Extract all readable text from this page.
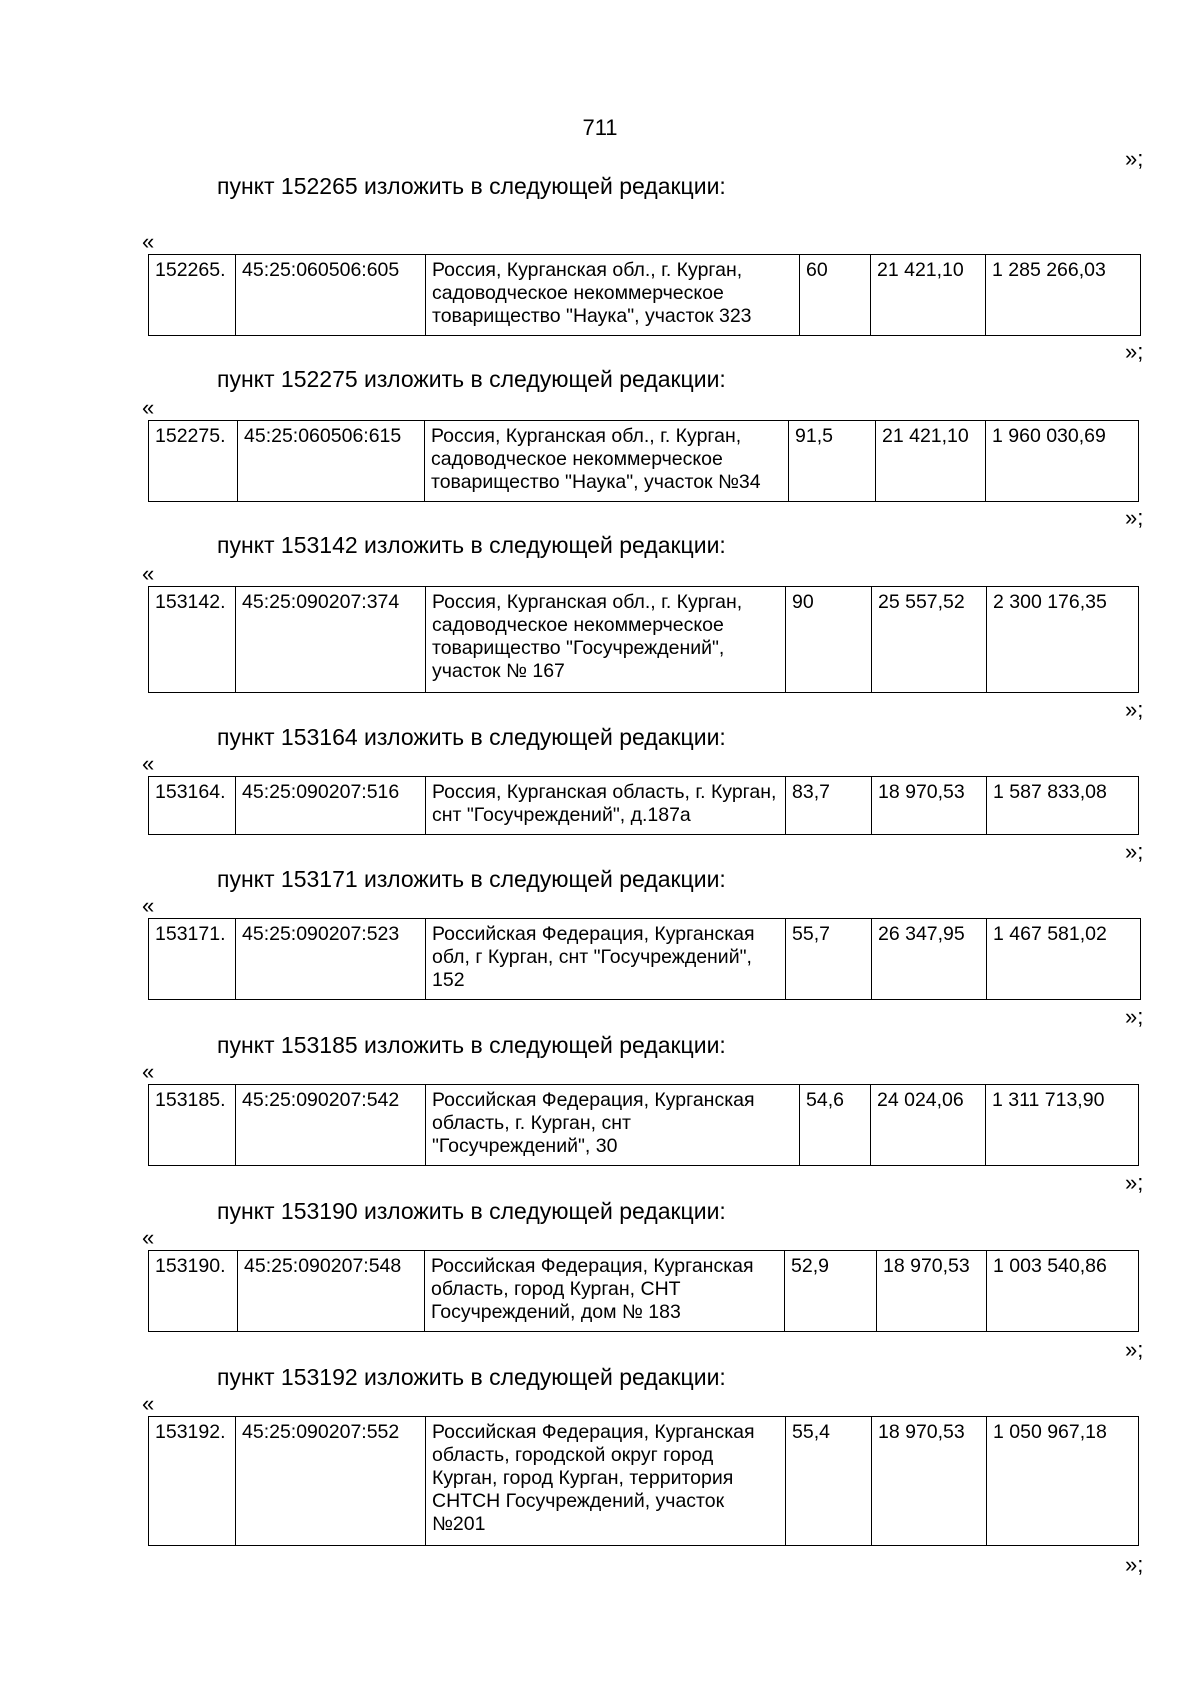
711
»;
»;
»;
»;
»;
»;
»;
»;
»;
пункт 152265 изложить в следующей редакции:
«
152265.	45:25:060506:605	Россия, Курганская обл., г. Курган, садоводческое некоммерческое товарищество "Наука", участок 323	60	21 421,10	1 285 266,03
пункт 152275 изложить в следующей редакции:
«
152275.	45:25:060506:615	Россия, Курганская обл., г. Курган, садоводческое некоммерческое товарищество "Наука", участок №34	91,5	21 421,10	1 960 030,69
пункт 153142 изложить в следующей редакции:
«
153142.	45:25:090207:374	Россия, Курганская обл., г. Курган, садоводческое некоммерческое товарищество "Госучреждений", участок № 167	90	25 557,52	2 300 176,35
пункт 153164 изложить в следующей редакции:
«
153164.	45:25:090207:516	Россия, Курганская область, г. Курган, снт "Госучреждений", д.187а	83,7	18 970,53	1 587 833,08
пункт 153171 изложить в следующей редакции:
«
153171.	45:25:090207:523	Российская Федерация, Курганская обл, г Курган, снт "Госучреждений", 152	55,7	26 347,95	1 467 581,02
пункт 153185 изложить в следующей редакции:
«
153185.	45:25:090207:542	Российская Федерация, Курганская область, г. Курган, снт "Госучреждений", 30	54,6	24 024,06	1 311 713,90
пункт 153190 изложить в следующей редакции:
«
153190.	45:25:090207:548	Российская Федерация, Курганская область, город Курган, СНТ Госучреждений, дом № 183	52,9	18 970,53	1 003 540,86
пункт 153192 изложить в следующей редакции:
«
153192.	45:25:090207:552	Российская Федерация, Курганская область, городской округ город Курган, город Курган, территория СНТСН Госучреждений, участок №201	55,4	18 970,53	1 050 967,18
